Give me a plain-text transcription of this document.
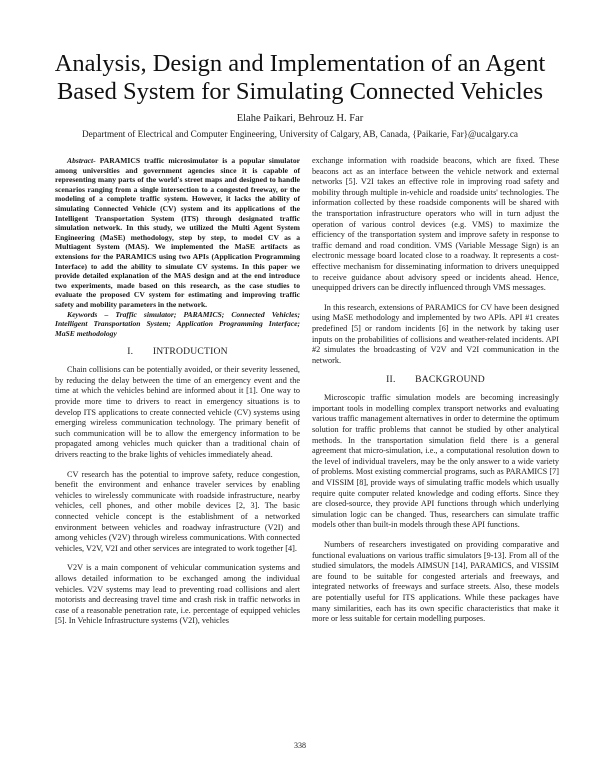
Analysis, Design and Implementation of an Agent Based System for Simulating Connected Vehicles
Elahe Paikari, Behrouz H. Far
Department of Electrical and Computer Engineering, University of Calgary, AB, Canada, {Paikarie, Far}@ucalgary.ca

Abstract- PARAMICS traffic microsimulator is a popular simulator among universities and government agencies since it is capable of representing many parts of the world's street maps and designed to handle scenarios ranging from a single intersection to a congested freeway, or the modeling of a complete traffic system. However, it lacks the ability of simulating Connected Vehicle (CV) system and its applications of the Intelligent Transportation System (ITS) through designated traffic simulation network. In this study, we utilized the Multi Agent System Engineering (MaSE) methodology, step by step, to model CV as a Multiagent System (MAS). We implemented the MaSE artifacts as extensions for the PARAMICS using two APIs (Application Programming Interface) to add the ability to simulate CV systems. In this paper we provide detailed explanation of the MAS design and at the end introduce two experiments, made based on this research, as the case studies to evaluate the proposed CV system for estimating and improving traffic safety and mobility parameters in the network.

Keywords – Traffic simulator; PARAMICS; Connected Vehicles; Intelligent Transportation System; Application Programming Interface; MaSE methodology

I.  INTRODUCTION

Chain collisions can be potentially avoided, or their severity lessened, by reducing the delay between the time of an emergency event and the time at which the vehicles behind are informed about it [1]. One way to provide more time to drivers to react in emergency situations is to develop ITS applications to create connected vehicle (CV) systems using emerging wireless communication technology. The primary benefit of such communication will be to allow the emergency information to be propagated among vehicles much quicker than a traditional chain of drivers reacting to the brake lights of vehicles immediately ahead.

CV research has the potential to improve safety, reduce congestion, benefit the environment and enhance traveler services by enabling vehicles to wirelessly communicate with roadside infrastructure, nearby vehicles, cell phones, and other mobile devices [2, 3]. The basic connected vehicle concept is the establishment of a networked environment between vehicles and roadway infrastructure (V2I) and among vehicles (V2V) through wireless communications. With connected vehicles, V2V, V2I and other services are integrated to work together [4].

V2V is a main component of vehicular communication systems and allows detailed information to be exchanged among the individual vehicles. V2V systems may lead to preventing road collisions and alert motorists and decreasing travel time and crash risk in traffic networks in case of a reasonable penetration rate, i.e. percentage of equipped vehicles [5]. In Vehicle Infrastructure systems (V2I), vehicles

exchange information with roadside beacons, which are fixed. These beacons act as an interface between the vehicle network and external networks [5]. V2I takes an effective role in improving road safety and mobility through multiple in-vehicle and roadside units' technologies. The information collected by these roadside components will be shared with the transportation infrastructure operators who will in turn adjust the operation of various control devices (e.g. VMS) to maximize the efficiency of the transportation system and improve safety in response to traffic demand and road condition. VMS (Variable Message Sign) is an electronic message board located close to a roadway. It represents a cost-effective mechanism for disseminating information to drivers unequipped to receive guidance about advisory speed or incidents ahead. Hence, unequipped drivers can be directly influenced through VMS messages.

In this research, extensions of PARAMICS for CV have been designed using MaSE methodology and implemented by two APIs. API #1 creates predefined [5] or random incidents [6] in the network by taking user inputs on the probabilities of collisions and weather-related incidents. API #2 simulates the broadcasting of V2V and V2I communication in the network.

II.  BACKGROUND

Microscopic traffic simulation models are becoming increasingly important tools in modelling complex transport networks and evaluating various traffic management alternatives in order to determine the optimum solution for traffic problems that cannot be studied by other analytical methods. In the transportation simulation field there is a general agreement that micro-simulation, i.e., a computational resolution down to the level of individual travelers, may be the only answer to a wide variety of problems. Most existing commercial programs, such as PARAMICS [7] and VISSIM [8], provide ways of simulating traffic models which usually require quite computer related knowledge and coding efforts. Since they are closed-source, they provide API functions through which underlying simulation logic can be changed. Thus, researchers can simulate traffic models other than built-in models through these API functions.

Numbers of researchers investigated on providing comparative and functional evaluations on various traffic simulators [9-13]. From all of the studied simulators, the models AIMSUN [14], PARAMICS, and VISSIM are found to be suitable for congested arterials and freeways, and integrated networks of freeways and surface streets. Also, these models are potentially useful for ITS applications. While these packages have many similarities, each has its own specific characteristics that make it more or less suitable for certain modelling purposes.

338
